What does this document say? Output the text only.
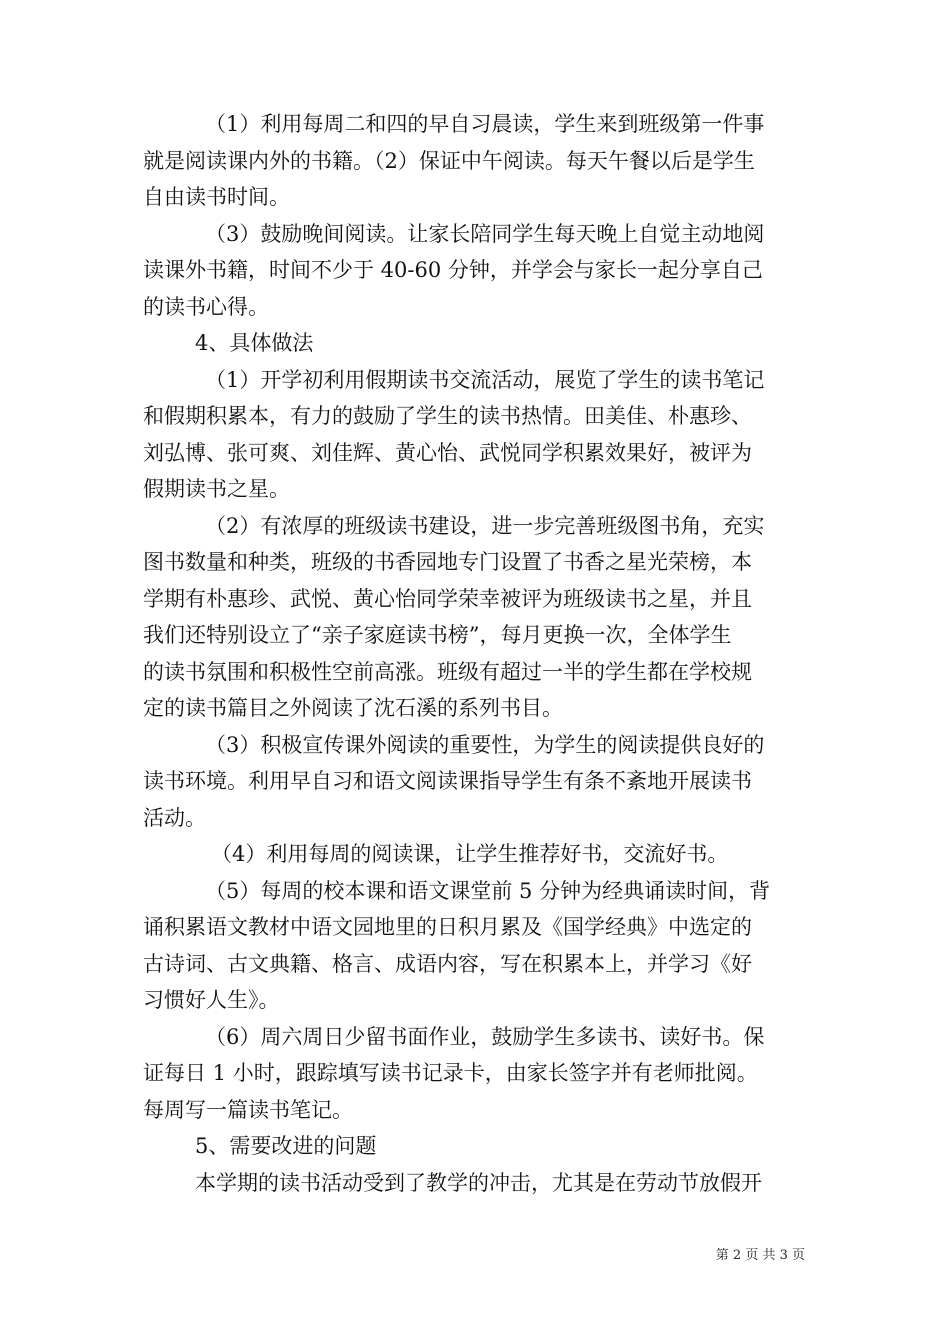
（1）利用每周二和四的早自习晨读，学生来到班级第一件事
就是阅读课内外的书籍。（2）保证中午阅读。每天午餐以后是学生
自由读书时间。
（3）鼓励晚间阅读。让家长陪同学生每天晚上自觉主动地阅
读课外书籍，时间不少于 40-60 分钟，并学会与家长一起分享自己
的读书心得。
4、具体做法
（1）开学初利用假期读书交流活动，展览了学生的读书笔记
和假期积累本，有力的鼓励了学生的读书热情。田美佳、朴惠珍、
刘弘博、张可爽、刘佳辉、黄心怡、武悦同学积累效果好，被评为
假期读书之星。
（2）有浓厚的班级读书建设，进一步完善班级图书角，充实
图书数量和种类，班级的书香园地专门设置了书香之星光荣榜，本
学期有朴惠珍、武悦、黄心怡同学荣幸被评为班级读书之星，并且
我们还特别设立了“亲子家庭读书榜”，每月更换一次，全体学生
的读书氛围和积极性空前高涨。班级有超过一半的学生都在学校规
定的读书篇目之外阅读了沈石溪的系列书目。
（3）积极宣传课外阅读的重要性，为学生的阅读提供良好的
读书环境。利用早自习和语文阅读课指导学生有条不紊地开展读书
活动。
（4）利用每周的阅读课，让学生推荐好书，交流好书。
（5）每周的校本课和语文课堂前 5 分钟为经典诵读时间，背
诵积累语文教材中语文园地里的日积月累及《国学经典》中选定的
古诗词、古文典籍、格言、成语内容，写在积累本上，并学习《好
习惯好人生》。
（6）周六周日少留书面作业，鼓励学生多读书、读好书。保
证每日 1 小时，跟踪填写读书记录卡，由家长签字并有老师批阅。
每周写一篇读书笔记。
5、需要改进的问题
本学期的读书活动受到了教学的冲击，尤其是在劳动节放假开
第 2 页 共 3 页
